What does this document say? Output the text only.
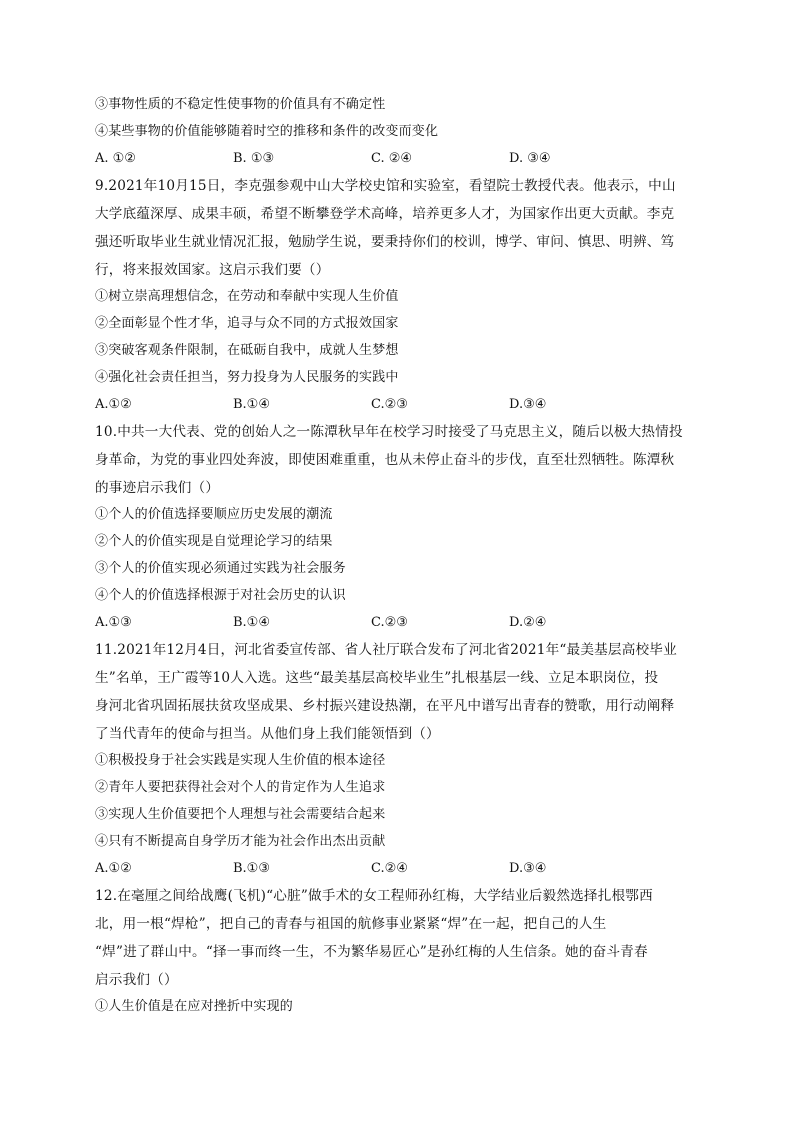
③事物性质的不稳定性使事物的价值具有不确定性
④某些事物的价值能够随着时空的推移和条件的改变而变化
A. ①②	B. ①③	C. ②④	D. ③④
9.2021年10月15日，李克强参观中山大学校史馆和实验室，看望院士教授代表。他表示，中山
大学底蕴深厚、成果丰硕，希望不断攀登学术高峰，培养更多人才，为国家作出更大贡献。李克
强还听取毕业生就业情况汇报，勉励学生说，要秉持你们的校训，博学、审问、慎思、明辨、笃
行，将来报效国家。这启示我们要（）
①树立崇高理想信念，在劳动和奉献中实现人生价值
②全面彰显个性才华，追寻与众不同的方式报效国家
③突破客观条件限制，在砥砺自我中，成就人生梦想
④强化社会责任担当，努力投身为人民服务的实践中
A.①②	B.①④	C.②③	D.③④
10.中共一大代表、党的创始人之一陈潭秋早年在校学习时接受了马克思主义，随后以极大热情投
身革命，为党的事业四处奔波，即使困难重重，也从未停止奋斗的步伐，直至壮烈牺牲。陈潭秋
的事迹启示我们（）
①个人的价值选择要顺应历史发展的潮流
②个人的价值实现是自觉理论学习的结果
③个人的价值实现必须通过实践为社会服务
④个人的价值选择根源于对社会历史的认识
A.①③	B.①④	C.②③	D.②④
11.2021年12月4日，河北省委宣传部、省人社厅联合发布了河北省2021年“最美基层高校毕业
生”名单，王广霞等10人入选。这些“最美基层高校毕业生”扎根基层一线、立足本职岗位，投
身河北省巩固拓展扶贫攻坚成果、乡村振兴建设热潮，在平凡中谱写出青春的赞歌，用行动阐释
了当代青年的使命与担当。从他们身上我们能领悟到（）
①积极投身于社会实践是实现人生价值的根本途径
②青年人要把获得社会对个人的肯定作为人生追求
③实现人生价值要把个人理想与社会需要结合起来
④只有不断提高自身学历才能为社会作出杰出贡献
A.①②	B.①③	C.②④	D.③④
12.在毫厘之间给战鹰(飞机)“心脏”做手术的女工程师孙红梅，大学结业后毅然选择扎根鄂西
北，用一根“焊枪”，把自己的青春与祖国的航修事业紧紧“焊”在一起，把自己的人生
“焊”进了群山中。“择一事而终一生，不为繁华易匠心”是孙红梅的人生信条。她的奋斗青春
启示我们（）
①人生价值是在应对挫折中实现的
